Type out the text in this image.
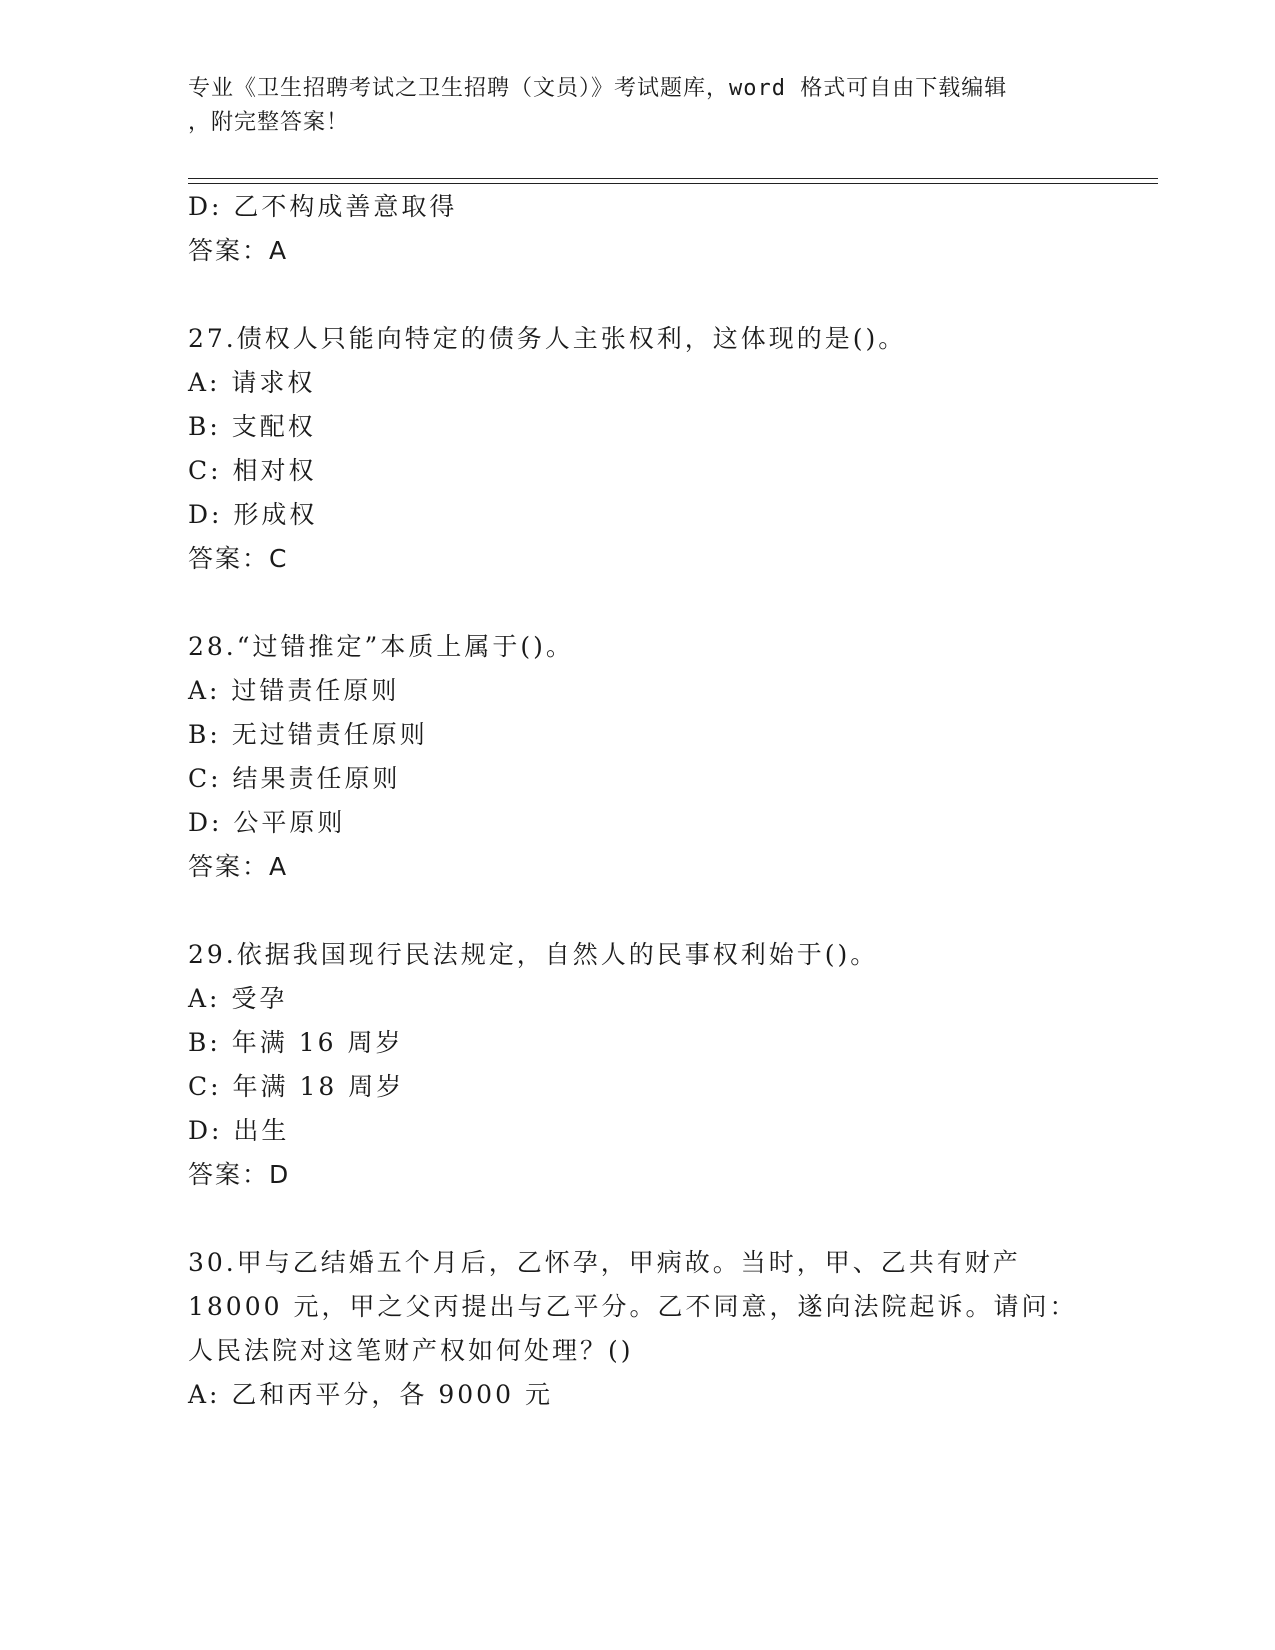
专业《卫生招聘考试之卫生招聘（文员）》考试题库，word 格式可自由下载编辑
，附完整答案！
D: 乙不构成善意取得
答案：A
27.债权人只能向特定的债务人主张权利，这体现的是()。
A: 请求权
B: 支配权
C: 相对权
D: 形成权
答案：C
28.“过错推定”本质上属于()。
A: 过错责任原则
B: 无过错责任原则
C: 结果责任原则
D: 公平原则
答案：A
29.依据我国现行民法规定，自然人的民事权利始于()。
A: 受孕
B: 年满 16 周岁
C: 年满 18 周岁
D: 出生
答案：D
30.甲与乙结婚五个月后，乙怀孕，甲病故。当时，甲、乙共有财产
18000 元，甲之父丙提出与乙平分。乙不同意，遂向法院起诉。请问：
人民法院对这笔财产权如何处理？()
A: 乙和丙平分，各 9000 元
